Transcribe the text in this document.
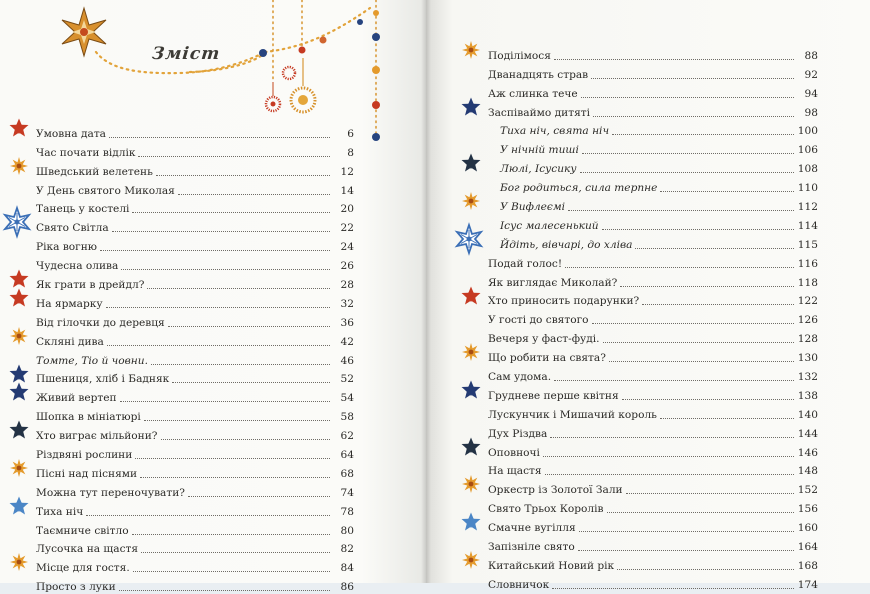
Зміст
Умовна дата	6
Час почати відлік	8
Шведський велетень	12
У День святого Миколая	14
Танець у костелі	20
Свято Світла	22
Ріка вогню	24
Чудесна олива	26
Як грати в дрейдл?	28
На ярмарку	32
Від гілочки до деревця	36
Скляні дива	42
Томте, Тіо й човни.	46
Пшениця, хліб і Бадняк	52
Живий вертеп	54
Шопка в мініатюрі	58
Хто виграє мільйони?	62
Різдвяні рослини	64
Пісні над піснями	68
Можна тут переночувати?	74
Тиха ніч	78
Таємниче світло	80
Лусочка на щастя	82
Місце для гостя.	84
Просто з луки	86
Поділімося	88
Дванадцять страв	92
Аж слинка тече	94
Заспіваймо дитяті	98
Тиха ніч, свята ніч	100
У нічній тиші	106
Люлі, Ісусику	108
Бог родиться, сила терпне	110
У Вифлеємі	112
Ісус малесенький	114
Йдіть, вівчарі, до хліва	115
Подай голос!	116
Як виглядає Миколай?	118
Хто приносить подарунки?	122
У гості до святого	126
Вечеря у фаст-фуді.	128
Що робити на свята?	130
Сам удома.	132
Грудневе перше квітня	138
Лускунчик і Мишачий король	140
Дух Різдва	144
Оповночі	146
На щастя	148
Оркестр із Золотої Зали	152
Свято Трьох Королів	156
Смачне вугілля	160
Запізніле свято	164
Китайський Новий рік	168
Словничок	174
